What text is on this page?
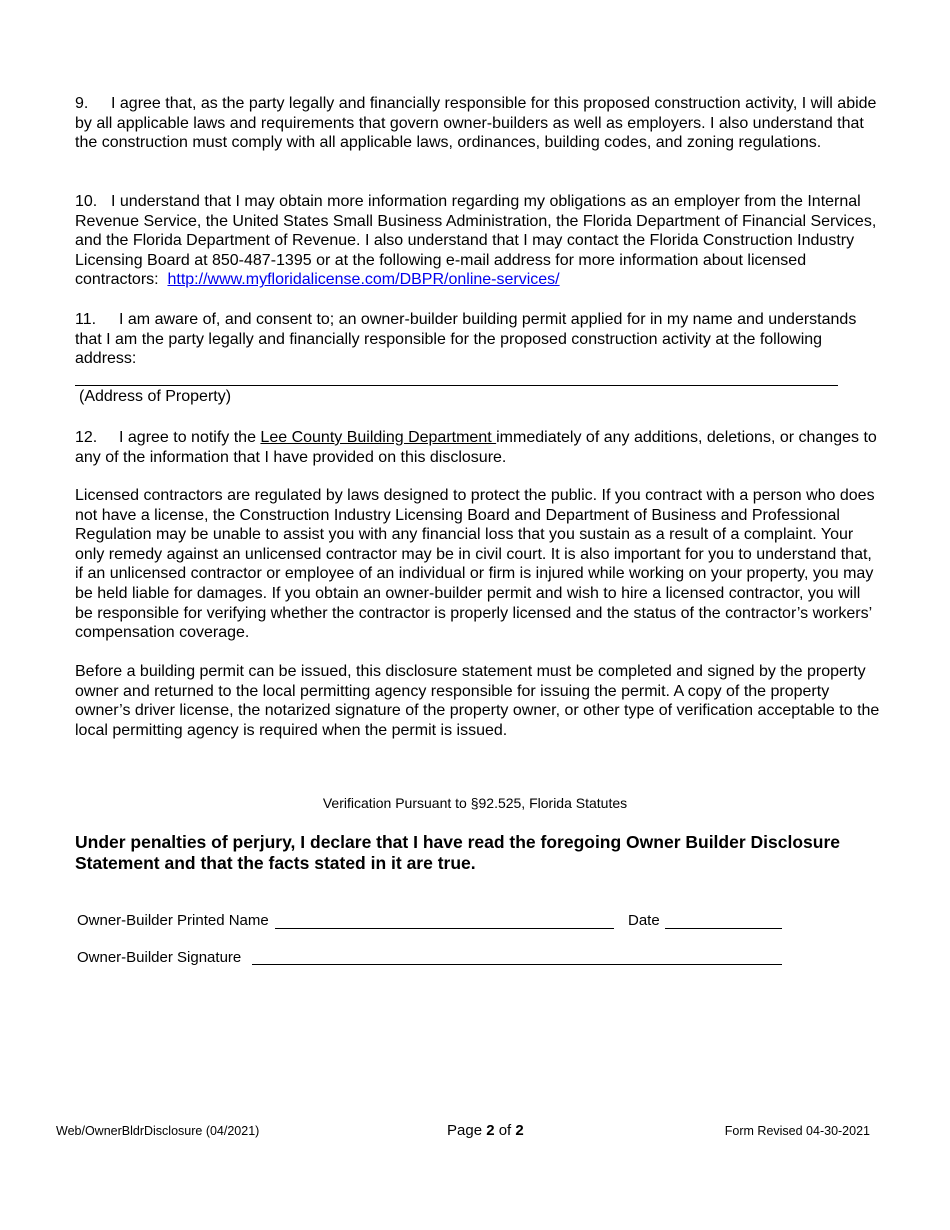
9. I agree that, as the party legally and financially responsible for this proposed construction activity, I will abide by all applicable laws and requirements that govern owner-builders as well as employers. I also understand that the construction must comply with all applicable laws, ordinances, building codes, and zoning regulations.

10. I understand that I may obtain more information regarding my obligations as an employer from the Internal Revenue Service, the United States Small Business Administration, the Florida Department of Financial Services, and the Florida Department of Revenue. I also understand that I may contact the Florida Construction Industry Licensing Board at 850-487-1395 or at the following e-mail address for more information about licensed contractors: http://www.myfloridalicense.com/DBPR/online-services/

11. I am aware of, and consent to; an owner-builder building permit applied for in my name and understands that I am the party legally and financially responsible for the proposed construction activity at the following address:

(Address of Property)

12. I agree to notify the Lee County Building Department immediately of any additions, deletions, or changes to any of the information that I have provided on this disclosure.

Licensed contractors are regulated by laws designed to protect the public. If you contract with a person who does not have a license, the Construction Industry Licensing Board and Department of Business and Professional Regulation may be unable to assist you with any financial loss that you sustain as a result of a complaint. Your only remedy against an unlicensed contractor may be in civil court. It is also important for you to understand that, if an unlicensed contractor or employee of an individual or firm is injured while working on your property, you may be held liable for damages. If you obtain an owner-builder permit and wish to hire a licensed contractor, you will be responsible for verifying whether the contractor is properly licensed and the status of the contractor’s workers’ compensation coverage.

Before a building permit can be issued, this disclosure statement must be completed and signed by the property owner and returned to the local permitting agency responsible for issuing the permit. A copy of the property owner’s driver license, the notarized signature of the property owner, or other type of verification acceptable to the local permitting agency is required when the permit is issued.

Verification Pursuant to §92.525, Florida Statutes

Under penalties of perjury, I declare that I have read the foregoing Owner Builder Disclosure Statement and that the facts stated in it are true.

Owner-Builder Printed Name	Date
Owner-Builder Signature
Web/OwnerBldrDisclosure (04/2021)	Page 2 of 2	Form Revised 04-30-2021
